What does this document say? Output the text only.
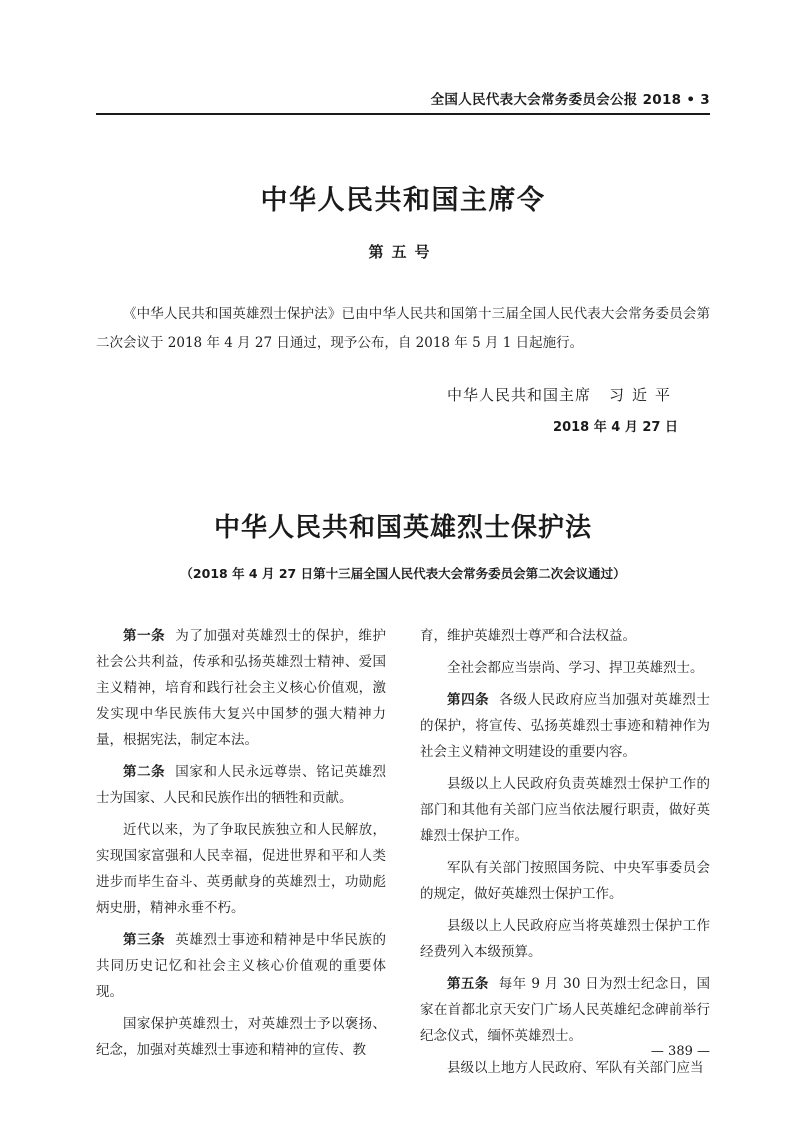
全国人民代表大会常务委员会公报 2018 • 3
中华人民共和国主席令
第五号

《中华人民共和国英雄烈士保护法》已由中华人民共和国第十三届全国人民代表大会常务委员会第二次会议于 2018 年 4 月 27 日通过，现予公布，自 2018 年 5 月 1 日起施行。

中华人民共和国主席 习近平
2018 年 4 月 27 日
中华人民共和国英雄烈士保护法
（2018 年 4 月 27 日第十三届全国人民代表大会常务委员会第二次会议通过）

第一条 为了加强对英雄烈士的保护，维护社会公共利益，传承和弘扬英雄烈士精神、爱国主义精神，培育和践行社会主义核心价值观，激发实现中华民族伟大复兴中国梦的强大精神力量，根据宪法，制定本法。

第二条 国家和人民永远尊崇、铭记英雄烈士为国家、人民和民族作出的牺牲和贡献。

近代以来，为了争取民族独立和人民解放，实现国家富强和人民幸福，促进世界和平和人类进步而毕生奋斗、英勇献身的英雄烈士，功勋彪炳史册，精神永垂不朽。

第三条 英雄烈士事迹和精神是中华民族的共同历史记忆和社会主义核心价值观的重要体现。

国家保护英雄烈士，对英雄烈士予以褒扬、纪念，加强对英雄烈士事迹和精神的宣传、教

育，维护英雄烈士尊严和合法权益。

全社会都应当崇尚、学习、捍卫英雄烈士。

第四条 各级人民政府应当加强对英雄烈士的保护，将宣传、弘扬英雄烈士事迹和精神作为社会主义精神文明建设的重要内容。

县级以上人民政府负责英雄烈士保护工作的部门和其他有关部门应当依法履行职责，做好英雄烈士保护工作。

军队有关部门按照国务院、中央军事委员会的规定，做好英雄烈士保护工作。

县级以上人民政府应当将英雄烈士保护工作经费列入本级预算。

第五条 每年 9 月 30 日为烈士纪念日，国家在首都北京天安门广场人民英雄纪念碑前举行纪念仪式，缅怀英雄烈士。

县级以上地方人民政府、军队有关部门应当

— 389 —
